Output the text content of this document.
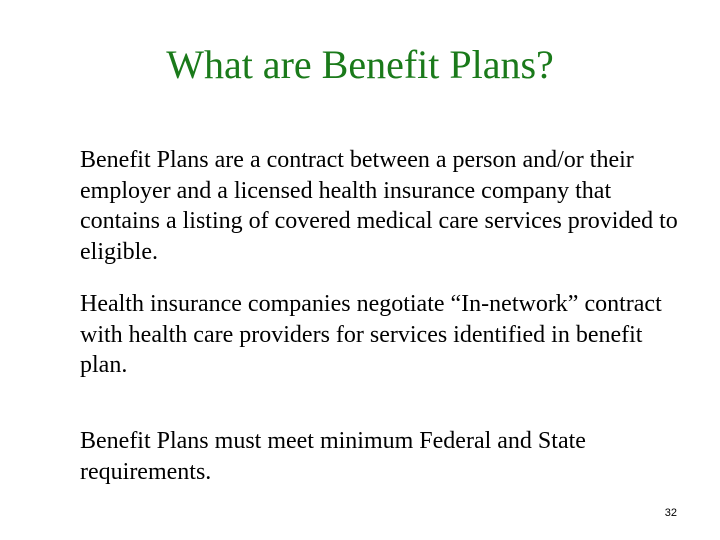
What are Benefit Plans?

Benefit Plans are a contract between a person and/or their employer and a licensed health insurance company that contains a listing of covered medical care services provided to eligible.

Health insurance companies negotiate “In-network” contract with health care providers for services identified in benefit plan.

Benefit Plans must meet minimum Federal and State requirements.

32
